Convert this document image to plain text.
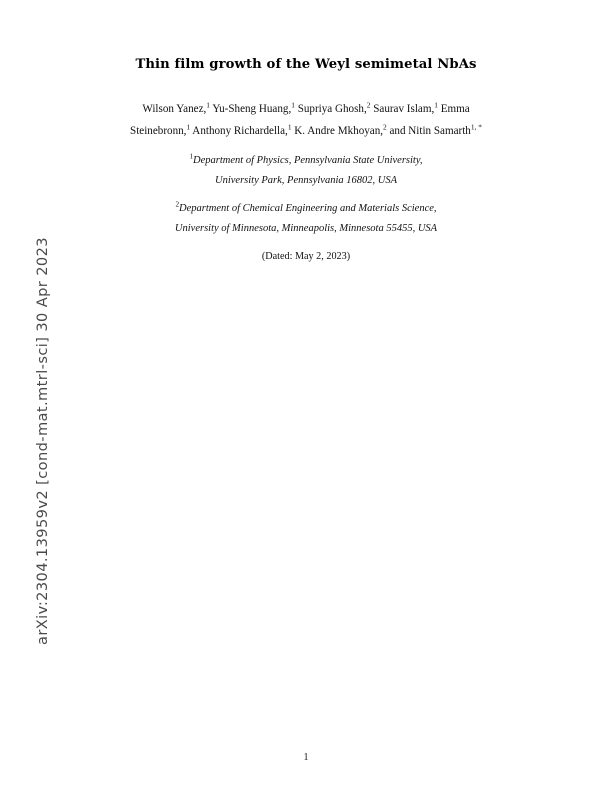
arXiv:2304.13959v2 [cond-mat.mtrl-sci] 30 Apr 2023
Thin film growth of the Weyl semimetal NbAs
Wilson Yanez,$^1$ Yu-Sheng Huang,$^1$ Supriya Ghosh,$^2$ Saurav Islam,$^1$ Emma
Steinebronn,$^1$ Anthony Richardella,$^1$ K. Andre Mkhoyan,$^2$ and Nitin Samarth$^{1, *}$
$^1$Department of Physics, Pennsylvania State University,
University Park, Pennsylvania 16802, USA
$^2$Department of Chemical Engineering and Materials Science,
University of Minnesota, Minneapolis, Minnesota 55455, USA
(Dated: May 2, 2023)
1
